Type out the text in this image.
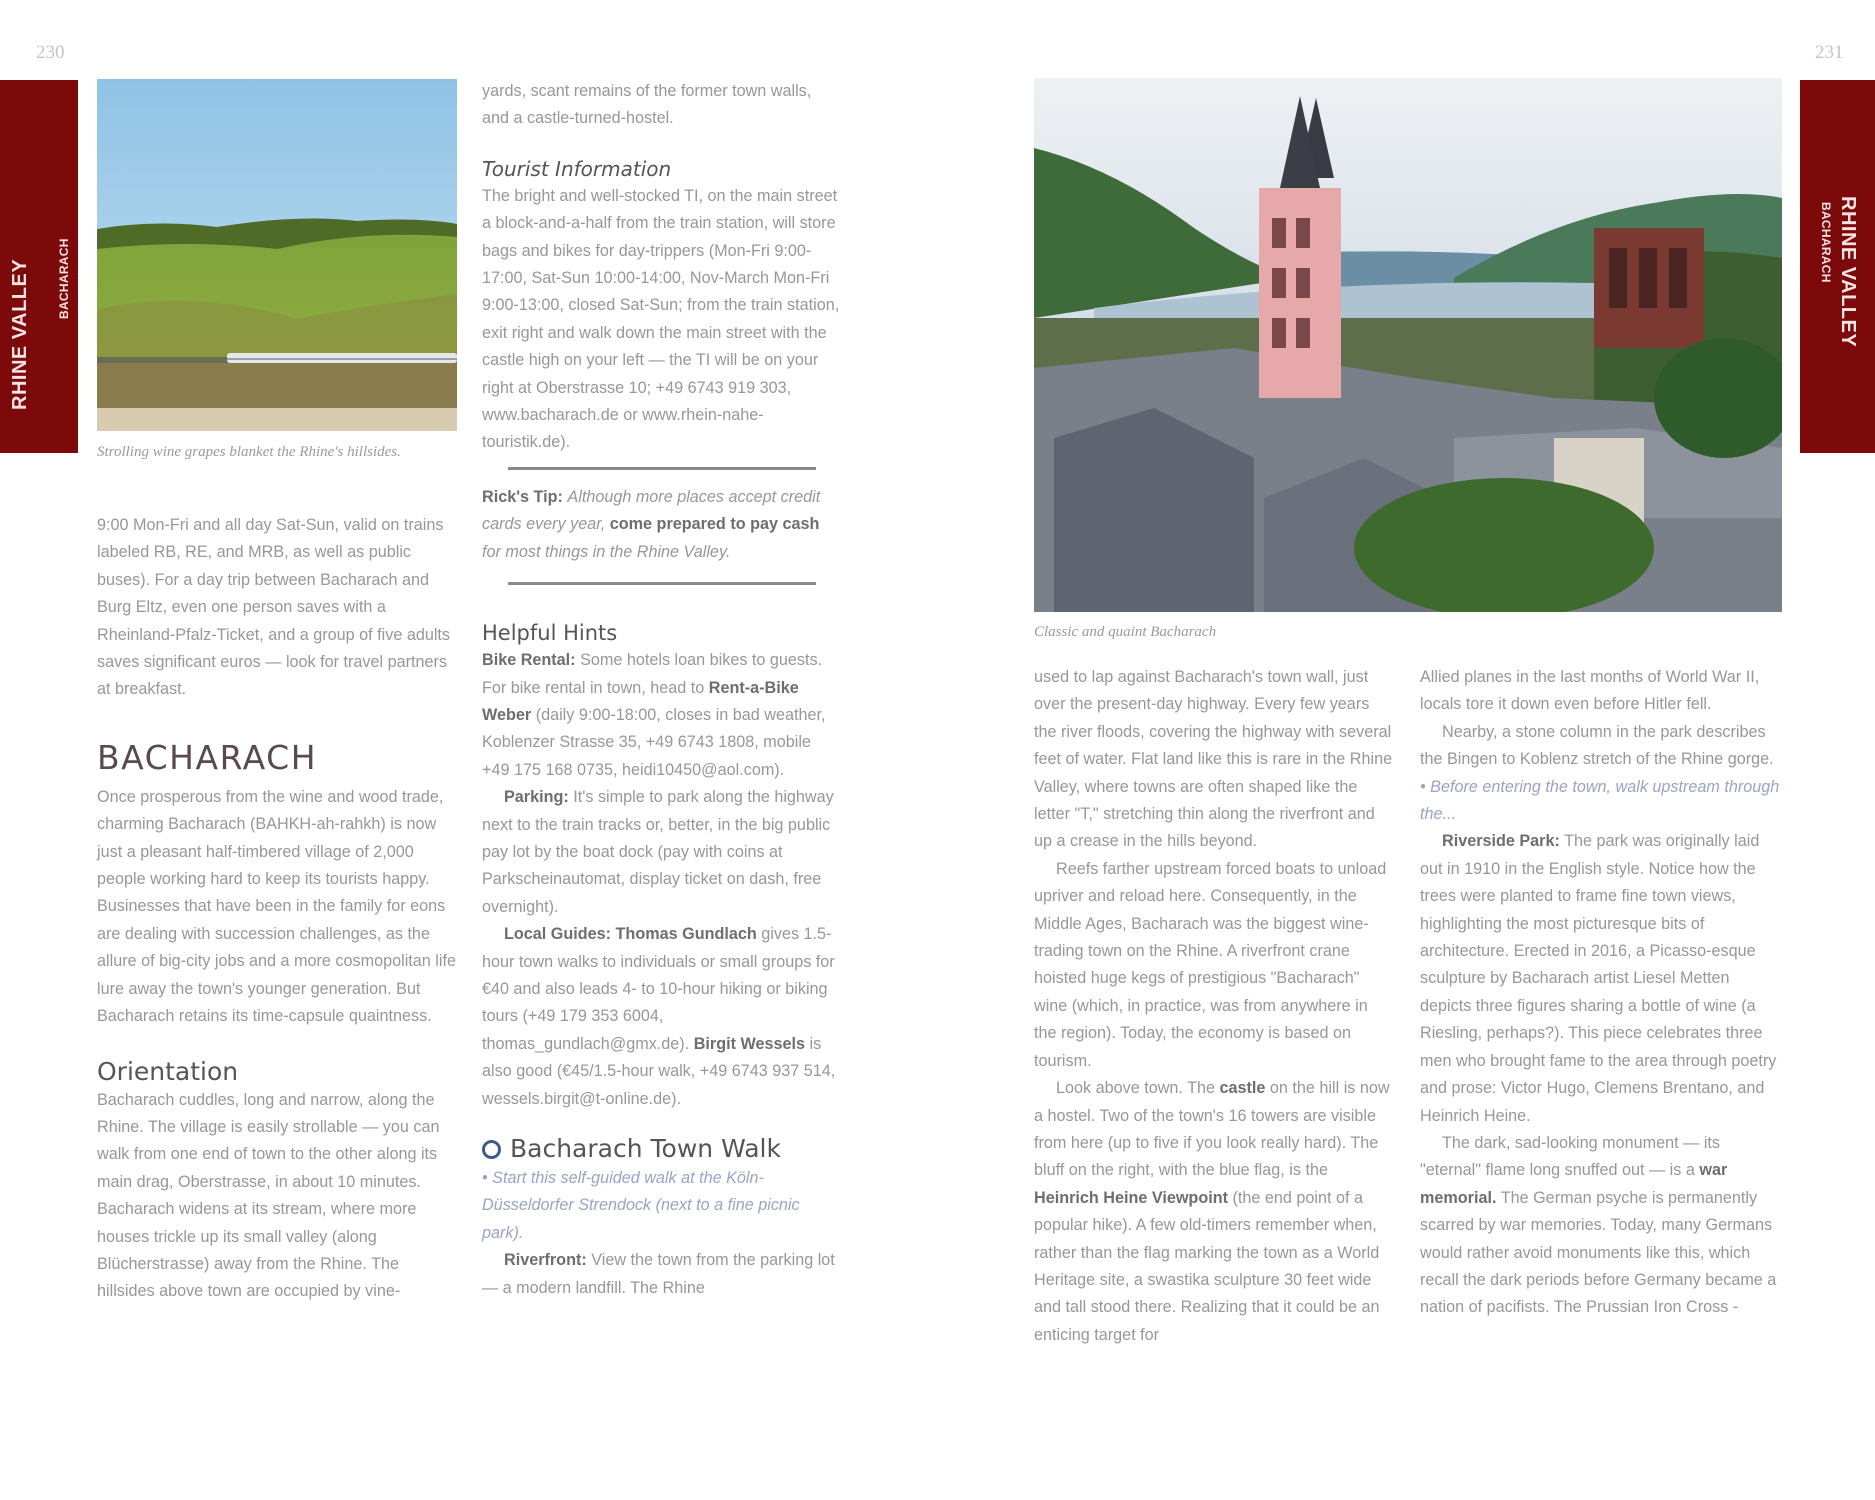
230
RHINE VALLEY BACHARACH
Strolling wine grapes blanket the Rhine's hillsides.

9:00 Mon-Fri and all day Sat-Sun, valid on trains labeled RB, RE, and MRB, as well as public buses). For a day trip between Bacharach and Burg Eltz, even one person saves with a Rheinland-Pfalz-Ticket, and a group of five adults saves significant euros — look for travel partners at breakfast.

BACHARACH

Once prosperous from the wine and wood trade, charming Bacharach (BAHKH-ah-rahkh) is now just a pleasant half-timbered village of 2,000 people working hard to keep its tourists happy. Businesses that have been in the family for eons are dealing with succession challenges, as the allure of big-city jobs and a more cosmopolitan life lure away the town's younger generation. But Bacharach retains its time-capsule quaintness.

Orientation

Bacharach cuddles, long and narrow, along the Rhine. The village is easily strollable — you can walk from one end of town to the other along its main drag, Oberstrasse, in about 10 minutes. Bacharach widens at its stream, where more houses trickle up its small valley (along Blücherstrasse) away from the Rhine. The hillsides above town are occupied by vine-

yards, scant remains of the former town walls, and a castle-turned-hostel.

Tourist Information

The bright and well-stocked TI, on the main street a block-and-a-half from the train station, will store bags and bikes for day-trippers (Mon-Fri 9:00-17:00, Sat-Sun 10:00-14:00, Nov-March Mon-Fri 9:00-13:00, closed Sat-Sun; from the train station, exit right and walk down the main street with the castle high on your left — the TI will be on your right at Oberstrasse 10; +49 6743 919 303, www.bacharach.de or www.rhein-nahe-touristik.de).

Rick's Tip: Although more places accept credit cards every year, come prepared to pay cash for most things in the Rhine Valley.

Helpful Hints

Bike Rental: Some hotels loan bikes to guests. For bike rental in town, head to Rent-a-Bike Weber (daily 9:00-18:00, closes in bad weather, Koblenzer Strasse 35, +49 6743 1808, mobile +49 175 168 0735, heidi10450@aol.com).

Parking: It's simple to park along the highway next to the train tracks or, better, in the big public pay lot by the boat dock (pay with coins at Parkscheinautomat, display ticket on dash, free overnight).

Local Guides: Thomas Gundlach gives 1.5-hour town walks to individuals or small groups for €40 and also leads 4- to 10-hour hiking or biking tours (+49 179 353 6004, thomas_gundlach@gmx.de). Birgit Wessels is also good (€45/1.5-hour walk, +49 6743 937 514, wessels.birgit@t-online.de).

Bacharach Town Walk

• Start this self-guided walk at the Köln-Düsseldorfer Strendock (next to a fine picnic park).

Riverfront: View the town from the parking lot — a modern landfill. The Rhine

231
RHINE VALLEY
BACHARACH
Classic and quaint Bacharach

used to lap against Bacharach's town wall, just over the present-day highway. Every few years the river floods, covering the highway with several feet of water. Flat land like this is rare in the Rhine Valley, where towns are often shaped like the letter "T," stretching thin along the riverfront and up a crease in the hills beyond.

Reefs farther upstream forced boats to unload upriver and reload here. Consequently, in the Middle Ages, Bacharach was the biggest wine-trading town on the Rhine. A riverfront crane hoisted huge kegs of prestigious "Bacharach" wine (which, in practice, was from anywhere in the region). Today, the economy is based on tourism.

Look above town. The castle on the hill is now a hostel. Two of the town's 16 towers are visible from here (up to five if you look really hard). The bluff on the right, with the blue flag, is the Heinrich Heine Viewpoint (the end point of a popular hike). A few old-timers remember when, rather than the flag marking the town as a World Heritage site, a swastika sculpture 30 feet wide and tall stood there. Realizing that it could be an enticing target for

Allied planes in the last months of World War II, locals tore it down even before Hitler fell.

Nearby, a stone column in the park describes the Bingen to Koblenz stretch of the Rhine gorge.

• Before entering the town, walk upstream through the...

Riverside Park: The park was originally laid out in 1910 in the English style. Notice how the trees were planted to frame fine town views, highlighting the most picturesque bits of architecture. Erected in 2016, a Picasso-esque sculpture by Bacharach artist Liesel Metten depicts three figures sharing a bottle of wine (a Riesling, perhaps?). This piece celebrates three men who brought fame to the area through poetry and prose: Victor Hugo, Clemens Brentano, and Heinrich Heine.

The dark, sad-looking monument — its "eternal" flame long snuffed out — is a war memorial. The German psyche is permanently scarred by war memories. Today, many Germans would rather avoid monuments like this, which recall the dark periods before Germany became a nation of pacifists. The Prussian Iron Cross -
